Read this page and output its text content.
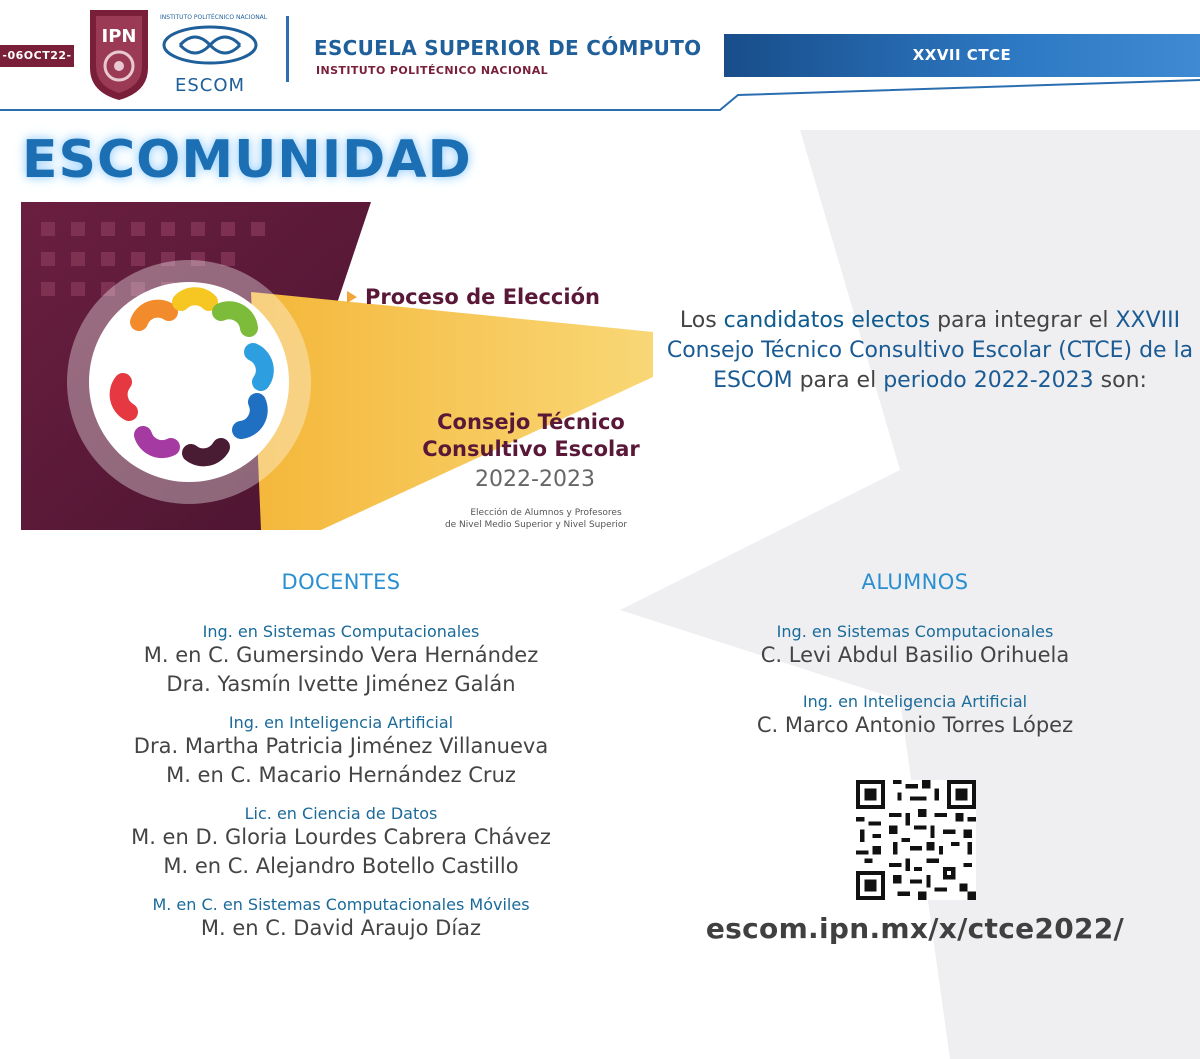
-06OCT22-
IPN
INSTITUTO POLITÉCNICO NACIONAL
ESCOM
ESCUELA SUPERIOR DE CÓMPUTO
INSTITUTO POLITÉCNICO NACIONAL
XXVII CTCE
ESCOMUNIDAD
Proceso de Elección
Consejo Técnico
Consultivo Escolar
2022-2023
Elección de Alumnos y Profesores
de Nivel Medio Superior y Nivel Superior
Los candidatos electos para integrar el XXVIII Consejo Técnico Consultivo Escolar (CTCE) de la ESCOM para el periodo 2022-2023 son:
DOCENTES
Ing. en Sistemas Computacionales
M. en C. Gumersindo Vera Hernández
Dra. Yasmín Ivette Jiménez Galán
Ing. en Inteligencia Artificial
Dra. Martha Patricia Jiménez Villanueva
M. en C. Macario Hernández Cruz
Lic. en Ciencia de Datos
M. en D. Gloria Lourdes Cabrera Chávez
M. en C. Alejandro Botello Castillo
M. en C. en Sistemas Computacionales Móviles
M. en C. David Araujo Díaz
ALUMNOS
Ing. en Sistemas Computacionales
C. Levi Abdul Basilio Orihuela
Ing. en Inteligencia Artificial
C. Marco Antonio Torres López
escom.ipn.mx/x/ctce2022/
